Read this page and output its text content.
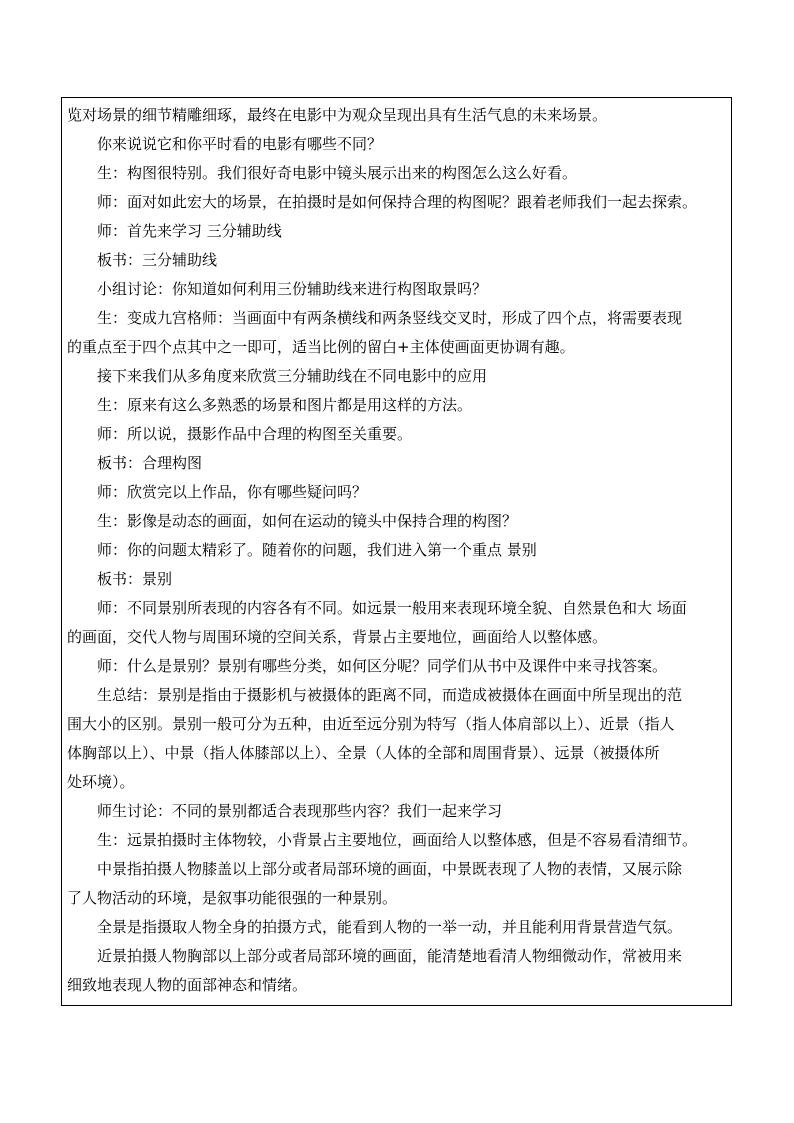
览对场景的细节精雕细琢，最终在电影中为观众呈现出具有生活气息的未来场景。

你来说说它和你平时看的电影有哪些不同？

生：构图很特别。我们很好奇电影中镜头展示出来的构图怎么这么好看。

师：面对如此宏大的场景，在拍摄时是如何保持合理的构图呢？跟着老师我们一起去探索。

师：首先来学习 三分辅助线

板书：三分辅助线

小组讨论：你知道如何利用三份辅助线来进行构图取景吗？

生：变成九宫格师：当画面中有两条横线和两条竖线交叉时，形成了四个点，将需要表现
的重点至于四个点其中之一即可，适当比例的留白+主体使画面更协调有趣。

接下来我们从多角度来欣赏三分辅助线在不同电影中的应用

生：原来有这么多熟悉的场景和图片都是用这样的方法。

师：所以说，摄影作品中合理的构图至关重要。

板书：合理构图

师：欣赏完以上作品，你有哪些疑问吗？

生：影像是动态的画面，如何在运动的镜头中保持合理的构图？

师：你的问题太精彩了。随着你的问题，我们进入第一个重点 景别

板书：景别

师：不同景别所表现的内容各有不同。如远景一般用来表现环境全貌、自然景色和大 场面
的画面，交代人物与周围环境的空间关系，背景占主要地位，画面给人以整体感。

师：什么是景别？景别有哪些分类，如何区分呢？同学们从书中及课件中来寻找答案。

生总结：景别是指由于摄影机与被摄体的距离不同，而造成被摄体在画面中所呈现出的范
围大小的区别。景别一般可分为五种，由近至远分别为特写（指人体肩部以上）、近景（指人
体胸部以上）、中景（指人体膝部以上）、全景（人体的全部和周围背景）、远景（被摄体所
处环境）。

师生讨论：不同的景别都适合表现那些内容？我们一起来学习

生：远景拍摄时主体物较，小背景占主要地位，画面给人以整体感，但是不容易看清细节。

中景指拍摄人物膝盖以上部分或者局部环境的画面，中景既表现了人物的表情，又展示除
了人物活动的环境，是叙事功能很强的一种景别。

全景是指摄取人物全身的拍摄方式，能看到人物的一举一动，并且能利用背景营造气氛。

近景拍摄人物胸部以上部分或者局部环境的画面，能清楚地看清人物细微动作，常被用来
细致地表现人物的面部神态和情绪。
